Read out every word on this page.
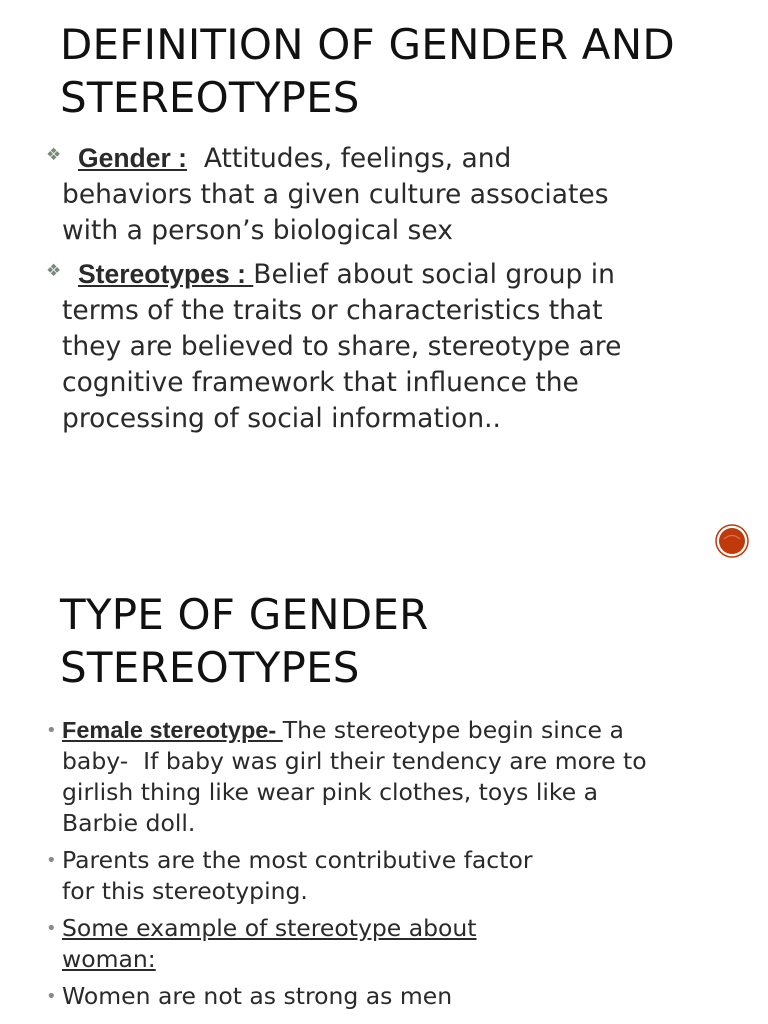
DEFINITION OF GENDER AND
STEREOTYPES
❖ Gender :  Attitudes, feelings, and
behaviors that a given culture associates
with a person’s biological sex
❖ Stereotypes : Belief about social group in
terms of the traits or characteristics that
they are believed to share, stereotype are
cognitive framework that influence the
processing of social information..
TYPE OF GENDER
STEREOTYPES
• Female stereotype- The stereotype begin since a
baby-  If baby was girl their tendency are more to
girlish thing like wear pink clothes, toys like a
Barbie doll.
• Parents are the most contributive factor
for this stereotyping.
• Some example of stereotype about
woman:
• Women are not as strong as men
